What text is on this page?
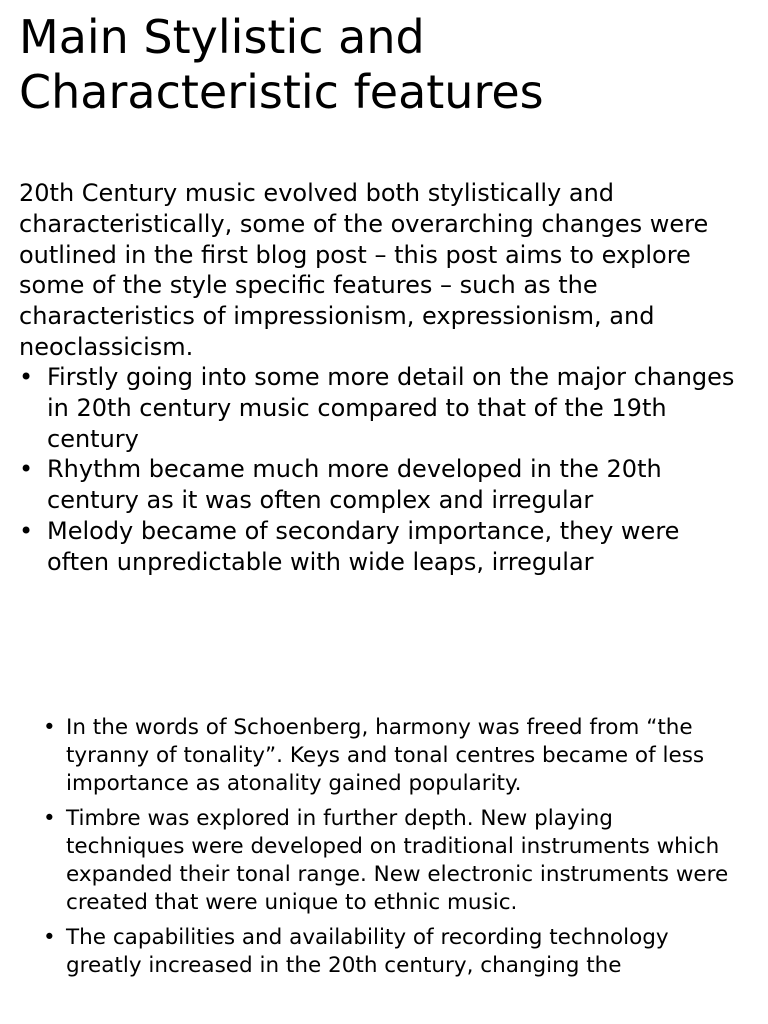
Main Stylistic and Characteristic features

20th Century music evolved both stylistically and characteristically, some of the overarching changes were outlined in the first blog post – this post aims to explore some of the style specific features – such as the characteristics of impressionism, expressionism, and neoclassicism.

• Firstly going into some more detail on the major changes in 20th century music compared to that of the 19th century
• Rhythm became much more developed in the 20th century as it was often complex and irregular
• Melody became of secondary importance, they were often unpredictable with wide leaps, irregular
• In the words of Schoenberg, harmony was freed from “the tyranny of tonality”. Keys and tonal centres became of less importance as atonality gained popularity.
• Timbre was explored in further depth. New playing techniques were developed on traditional instruments which expanded their tonal range. New electronic instruments were created that were unique to ethnic music.
• The capabilities and availability of recording technology greatly increased in the 20th century, changing the
